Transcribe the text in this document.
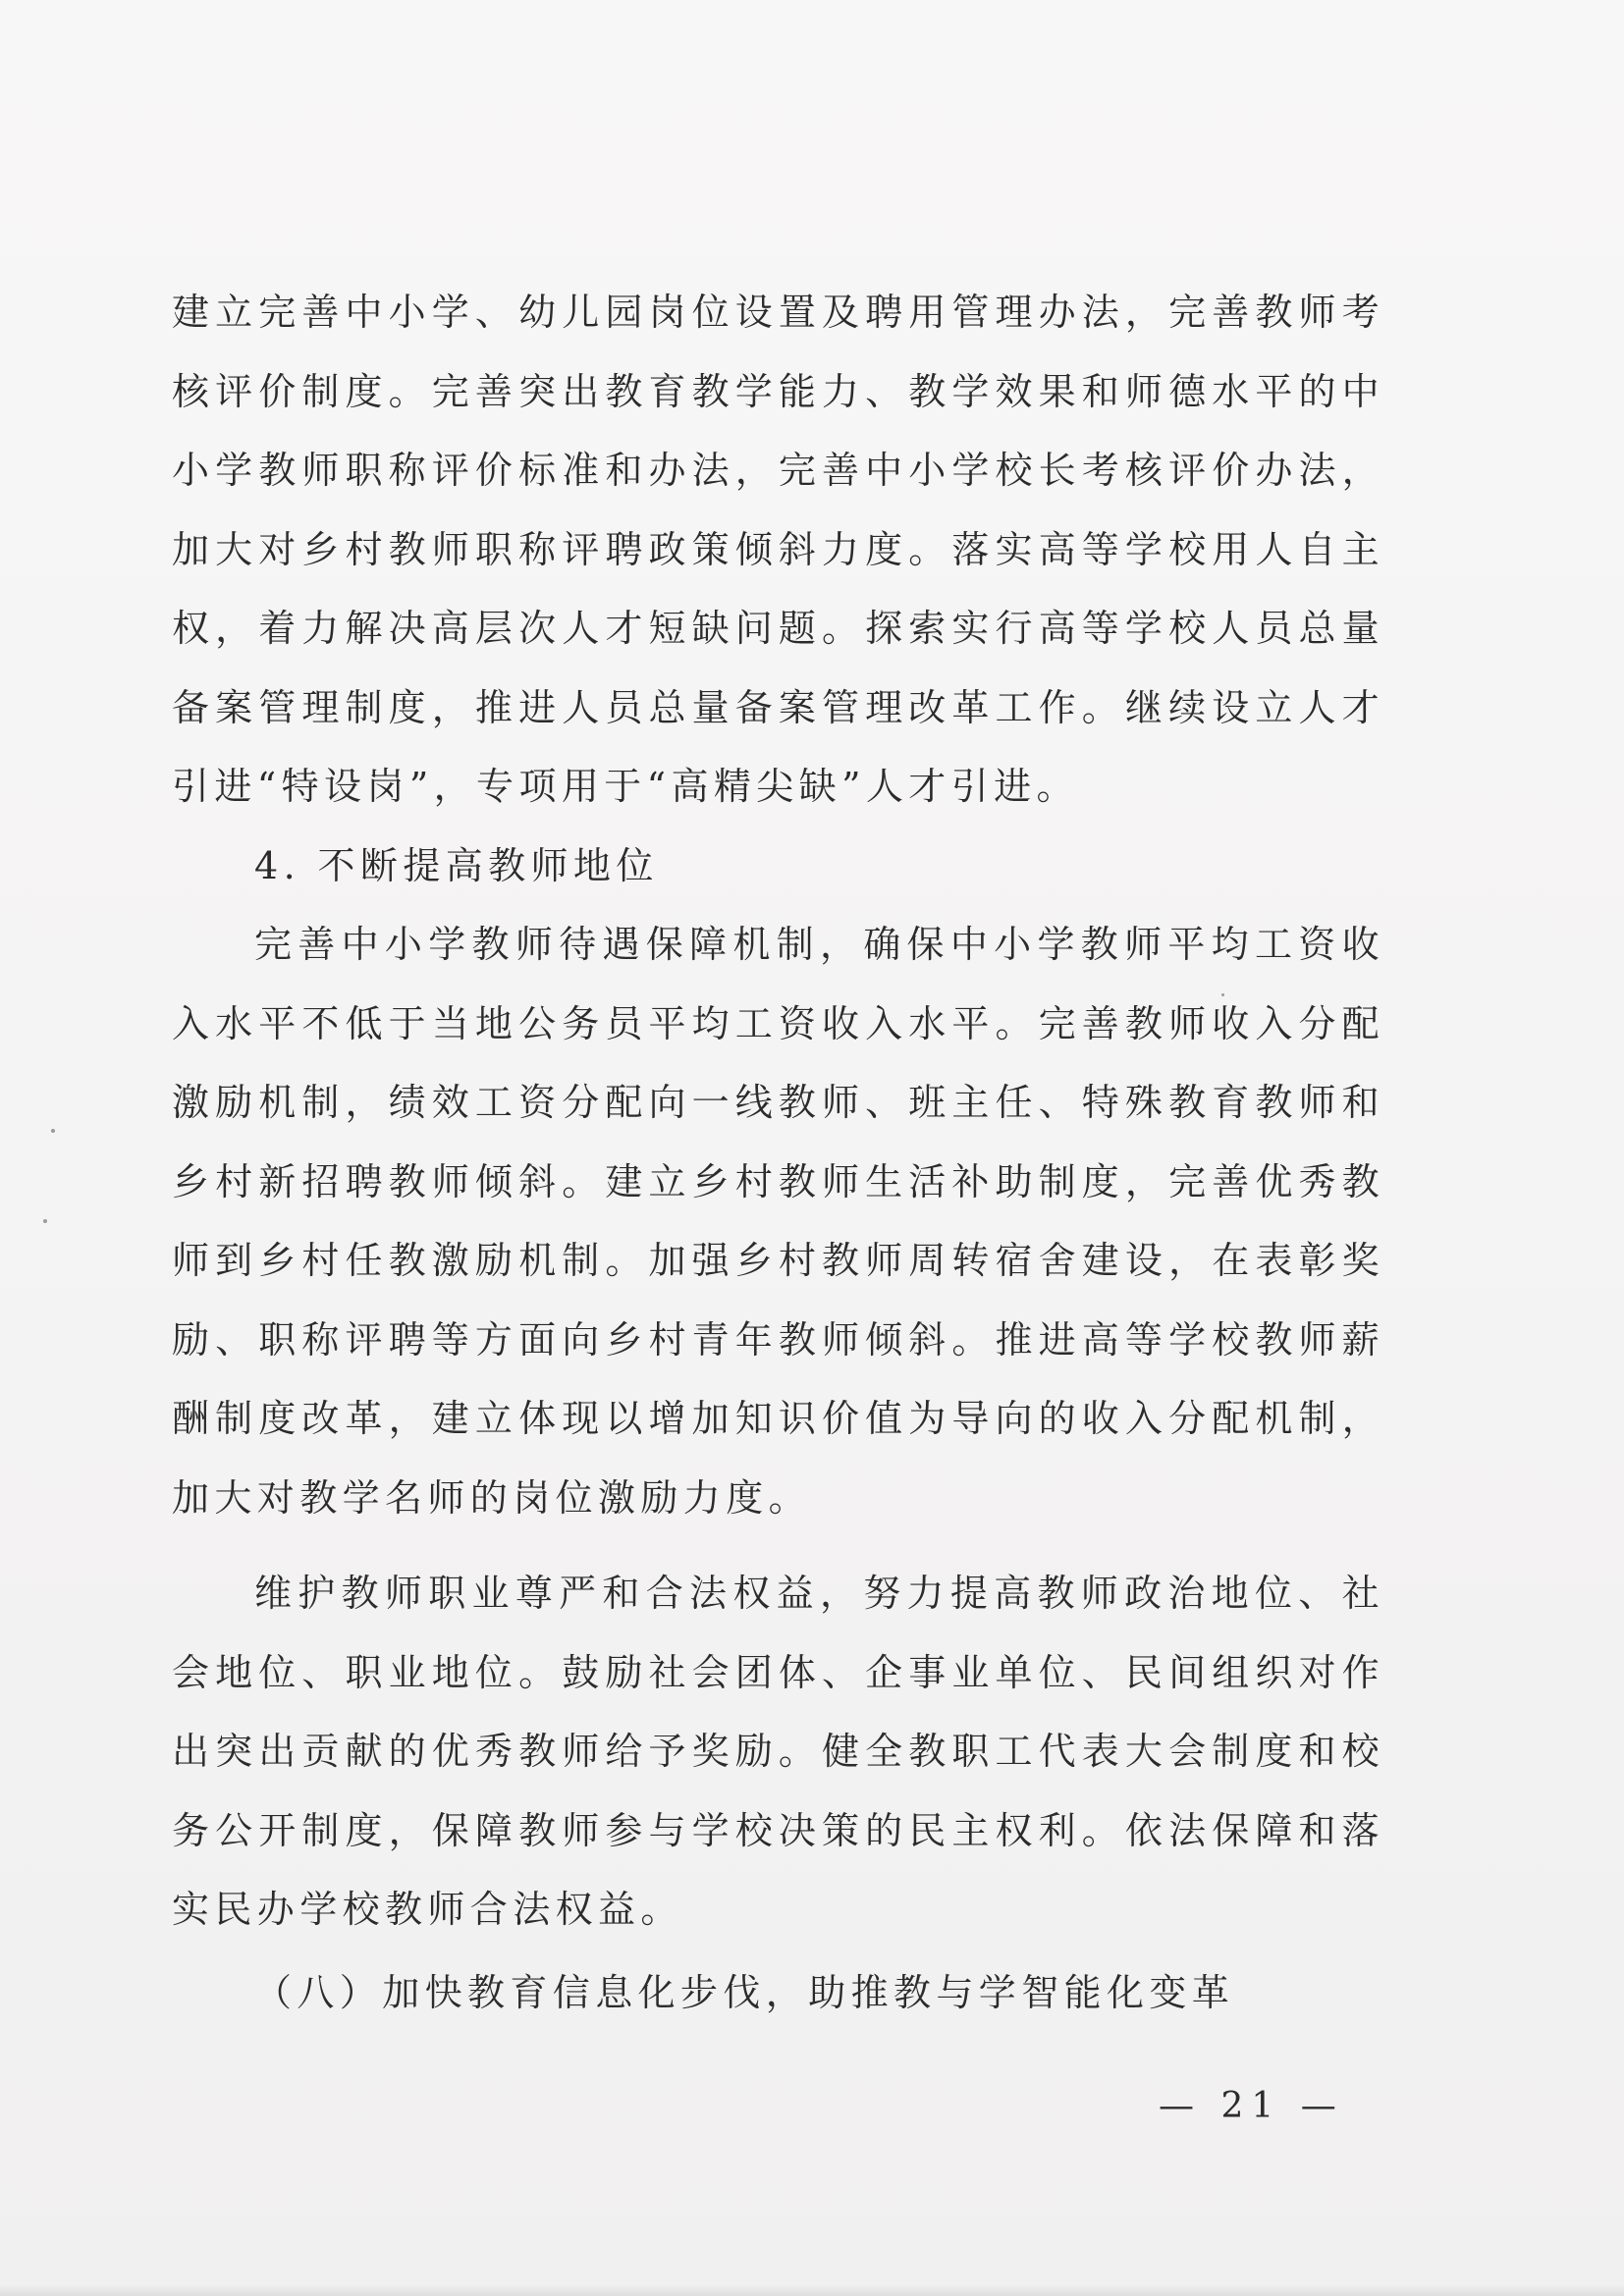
建立完善中小学、幼儿园岗位设置及聘用管理办法，完善教师考核评价制度。完善突出教育教学能力、教学效果和师德水平的中小学教师职称评价标准和办法，完善中小学校长考核评价办法，加大对乡村教师职称评聘政策倾斜力度。落实高等学校用人自主权，着力解决高层次人才短缺问题。探索实行高等学校人员总量备案管理制度，推进人员总量备案管理改革工作。继续设立人才引进“特设岗”，专项用于“高精尖缺”人才引进。

4. 不断提高教师地位

完善中小学教师待遇保障机制，确保中小学教师平均工资收入水平不低于当地公务员平均工资收入水平。完善教师收入分配激励机制，绩效工资分配向一线教师、班主任、特殊教育教师和乡村新招聘教师倾斜。建立乡村教师生活补助制度，完善优秀教师到乡村任教激励机制。加强乡村教师周转宿舍建设，在表彰奖励、职称评聘等方面向乡村青年教师倾斜。推进高等学校教师薪酬制度改革，建立体现以增加知识价值为导向的收入分配机制，加大对教学名师的岗位激励力度。

维护教师职业尊严和合法权益，努力提高教师政治地位、社会地位、职业地位。鼓励社会团体、企事业单位、民间组织对作出突出贡献的优秀教师给予奖励。健全教职工代表大会制度和校务公开制度，保障教师参与学校决策的民主权利。依法保障和落实民办学校教师合法权益。

（八）加快教育信息化步伐，助推教与学智能化变革

— 21 —
